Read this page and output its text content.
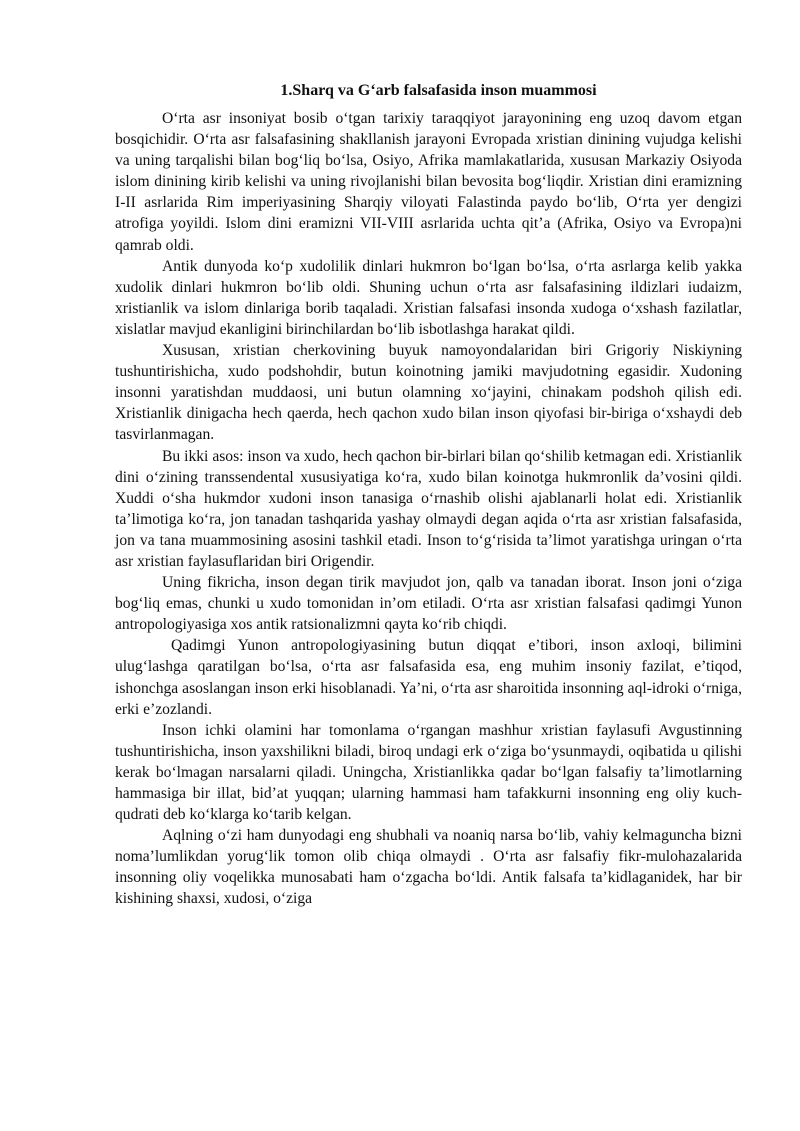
1.Sharq va G‘arb falsafasida inson muammosi

O‘rta asr insoniyat bosib o‘tgan tarixiy taraqqiyot jarayonining eng uzoq davom etgan bosqichidir. O‘rta asr falsafasining shakllanish jarayoni Evropada xristian dinining vujudga kelishi va uning tarqalishi bilan bog‘liq bo‘lsa, Osiyo, Afrika mamlakatlarida, xususan Markaziy Osiyoda islom dinining kirib kelishi va uning rivojlanishi bilan bevosita bog‘liqdir. Xristian dini eramizning I-II asrlarida Rim imperiyasining Sharqiy viloyati Falastinda paydo bo‘lib, O‘rta yer dengizi atrofiga yoyildi. Islom dini eramizni VII-VIII asrlarida uchta qit’a (Afrika, Osiyo va Evropa)ni qamrab oldi.

Antik dunyoda ko‘p xudolilik dinlari hukmron bo‘lgan bo‘lsa, o‘rta asrlarga kelib yakka xudolik dinlari hukmron bo‘lib oldi. Shuning uchun o‘rta asr falsafasining ildizlari iudaizm, xristianlik va islom dinlariga borib taqaladi. Xristian falsafasi insonda xudoga o‘xshash fazilatlar, xislatlar mavjud ekanligini birinchilardan bo‘lib isbotlashga harakat qildi.

Xususan, xristian cherkovining buyuk namoyondalaridan biri Grigoriy Niskiyning tushuntirishicha, xudo podshohdir, butun koinotning jamiki mavjudotning egasidir. Xudoning insonni yaratishdan muddaosi, uni butun olamning xo‘jayini, chinakam podshoh qilish edi. Xristianlik dinigacha hech qaerda, hech qachon xudo bilan inson qiyofasi bir-biriga o‘xshaydi deb tasvirlanmagan.

Bu ikki asos: inson va xudo, hech qachon bir-birlari bilan qo‘shilib ketmagan edi. Xristianlik dini o‘zining transsendental xususiyatiga ko‘ra, xudo bilan koinotga hukmronlik da’vosini qildi. Xuddi o‘sha hukmdor xudoni inson tanasiga o‘rnashib olishi ajablanarli holat edi. Xristianlik ta’limotiga ko‘ra, jon tanadan tashqarida yashay olmaydi degan aqida o‘rta asr xristian falsafasida, jon va tana muammosining asosini tashkil etadi. Inson to‘g‘risida ta’limot yaratishga uringan o‘rta asr xristian faylasuflaridan biri Origendir.

Uning fikricha, inson degan tirik mavjudot jon, qalb va tanadan iborat. Inson joni o‘ziga bog‘liq emas, chunki u xudo tomonidan in’om etiladi. O‘rta asr xristian falsafasi qadimgi Yunon antropologiyasiga xos antik ratsionalizmni qayta ko‘rib chiqdi.

Qadimgi Yunon antropologiyasining butun diqqat e’tibori, inson axloqi, bilimini ulug‘lashga qaratilgan bo‘lsa, o‘rta asr falsafasida esa, eng muhim insoniy fazilat, e’tiqod, ishonchga asoslangan inson erki hisoblanadi. Ya’ni, o‘rta asr sharoitida insonning aql-idroki o‘rniga, erki e’zozlandi.

Inson ichki olamini har tomonlama o‘rgangan mashhur xristian faylasufi Avgustinning tushuntirishicha, inson yaxshilikni biladi, biroq undagi erk o‘ziga bo‘ysunmaydi, oqibatida u qilishi kerak bo‘lmagan narsalarni qiladi. Uningcha, Xristianlikka qadar bo‘lgan falsafiy ta’limotlarning hammasiga bir illat, bid’at yuqqan; ularning hammasi ham tafakkurni insonning eng oliy kuch-qudrati deb ko‘klarga ko‘tarib kelgan.

Aqlning o‘zi ham dunyodagi eng shubhali va noaniq narsa bo‘lib, vahiy kelmaguncha bizni noma’lumlikdan yorug‘lik tomon olib chiqa olmaydi . O‘rta asr falsafiy fikr-mulohazalarida insonning oliy voqelikka munosabati ham o‘zgacha bo‘ldi. Antik falsafa ta’kidlaganidek, har bir kishining shaxsi, xudosi, o‘ziga
